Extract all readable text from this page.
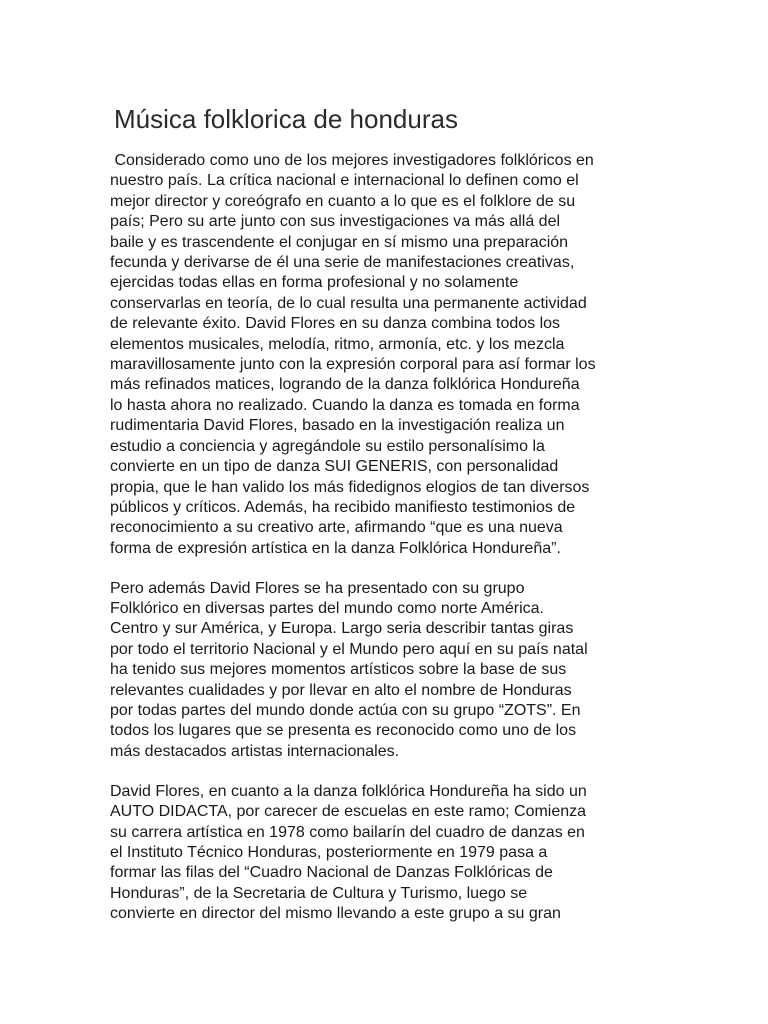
Música folklorica de honduras

Considerado como uno de los mejores investigadores folklóricos en
nuestro país. La crítica nacional e internacional lo definen como el
mejor director y coreógrafo en cuanto a lo que es el folklore de su
país; Pero su arte junto con sus investigaciones va más allá del
baile y es trascendente el conjugar en sí mismo una preparación
fecunda y derivarse de él una serie de manifestaciones creativas,
ejercidas todas ellas en forma profesional y no solamente
conservarlas en teoría, de lo cual resulta una permanente actividad
de relevante éxito. David Flores en su danza combina todos los
elementos musicales, melodía, ritmo, armonía, etc. y los mezcla
maravillosamente junto con la expresión corporal para así formar los
más refinados matices, logrando de la danza folklórica Hondureña
lo hasta ahora no realizado. Cuando la danza es tomada en forma
rudimentaria David Flores, basado en la investigación realiza un
estudio a conciencia y agregándole su estilo personalísimo la
convierte en un tipo de danza SUI GENERIS, con personalidad
propia, que le han valido los más fidedignos elogios de tan diversos
públicos y críticos. Además, ha recibido manifiesto testimonios de
reconocimiento a su creativo arte, afirmando “que es una nueva
forma de expresión artística en la danza Folklórica Hondureña”.

Pero además David Flores se ha presentado con su grupo
Folklórico en diversas partes del mundo como norte América.
Centro y sur América, y Europa. Largo seria describir tantas giras
por todo el territorio Nacional y el Mundo pero aquí en su país natal
ha tenido sus mejores momentos artísticos sobre la base de sus
relevantes cualidades y por llevar en alto el nombre de Honduras
por todas partes del mundo donde actúa con su grupo “ZOTS”. En
todos los lugares que se presenta es reconocido como uno de los
más destacados artistas internacionales.

David Flores, en cuanto a la danza folklórica Hondureña ha sido un
AUTO DIDACTA, por carecer de escuelas en este ramo; Comienza
su carrera artística en 1978 como bailarín del cuadro de danzas en
el Instituto Técnico Honduras, posteriormente en 1979 pasa a
formar las filas del “Cuadro Nacional de Danzas Folklóricas de
Honduras”, de la Secretaria de Cultura y Turismo, luego se
convierte en director del mismo llevando a este grupo a su gran
